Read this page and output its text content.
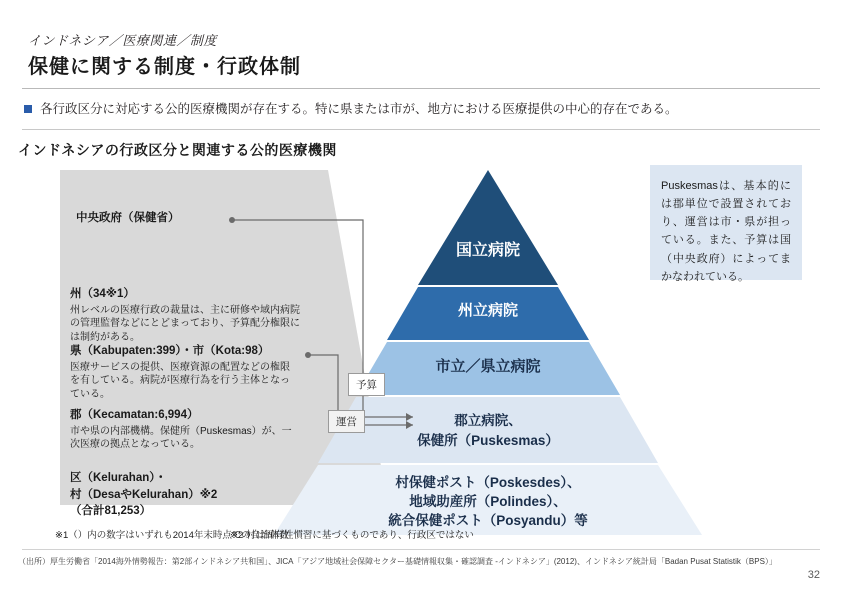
インドネシア／医療関連／制度
保健に関する制度・行政体制
各行政区分に対応する公的医療機関が存在する。特に県または市が、地方における医療提供の中心的存在である。
インドネシアの行政区分と関連する公的医療機関
中央政府（保健省）
州（34※1）
州レベルの医療行政の裁量は、主に研修や域内病院の管理監督などにとどまっており、予算配分権限には制約がある。
県（Kabupaten:399）・市（Kota:98）
医療サービスの提供、医療資源の配置などの権限を有している。病院が医療行為を行う主体となっている。
郡（Kecamatan:6,994）
市や県の内部機構。保健所（Puskesmas）が、一次医療の拠点となっている。
区（Kelurahan）・
村（DesaやKelurahan）※2
（合計81,253）
予算
運営
国立病院
州立病院
市立／県立病院
郡立病院、
保健所（Puskesmas）
村保健ポスト（Poskesdes）、
地域助産所（Polindes）、
統合保健ポスト（Posyandu）等
Puskesmasは、基本的には郡単位で設置されており、運営は市・県が担っている。また、予算は国（中央政府）によってまかなわれている。
※1（）内の数字はいずれも2014年末時点での自治体数
※2 村は固有性慣習に基づくものであり、行政区ではない
（出所）厚生労働省「2014海外情勢報告：第2部インドネシア共和国」、JICA「アジア地域社会保障セクター基礎情報収集・確認調査 -インドネシア」(2012)、インドネシア統計局「Badan Pusat Statistik（BPS）」
32
